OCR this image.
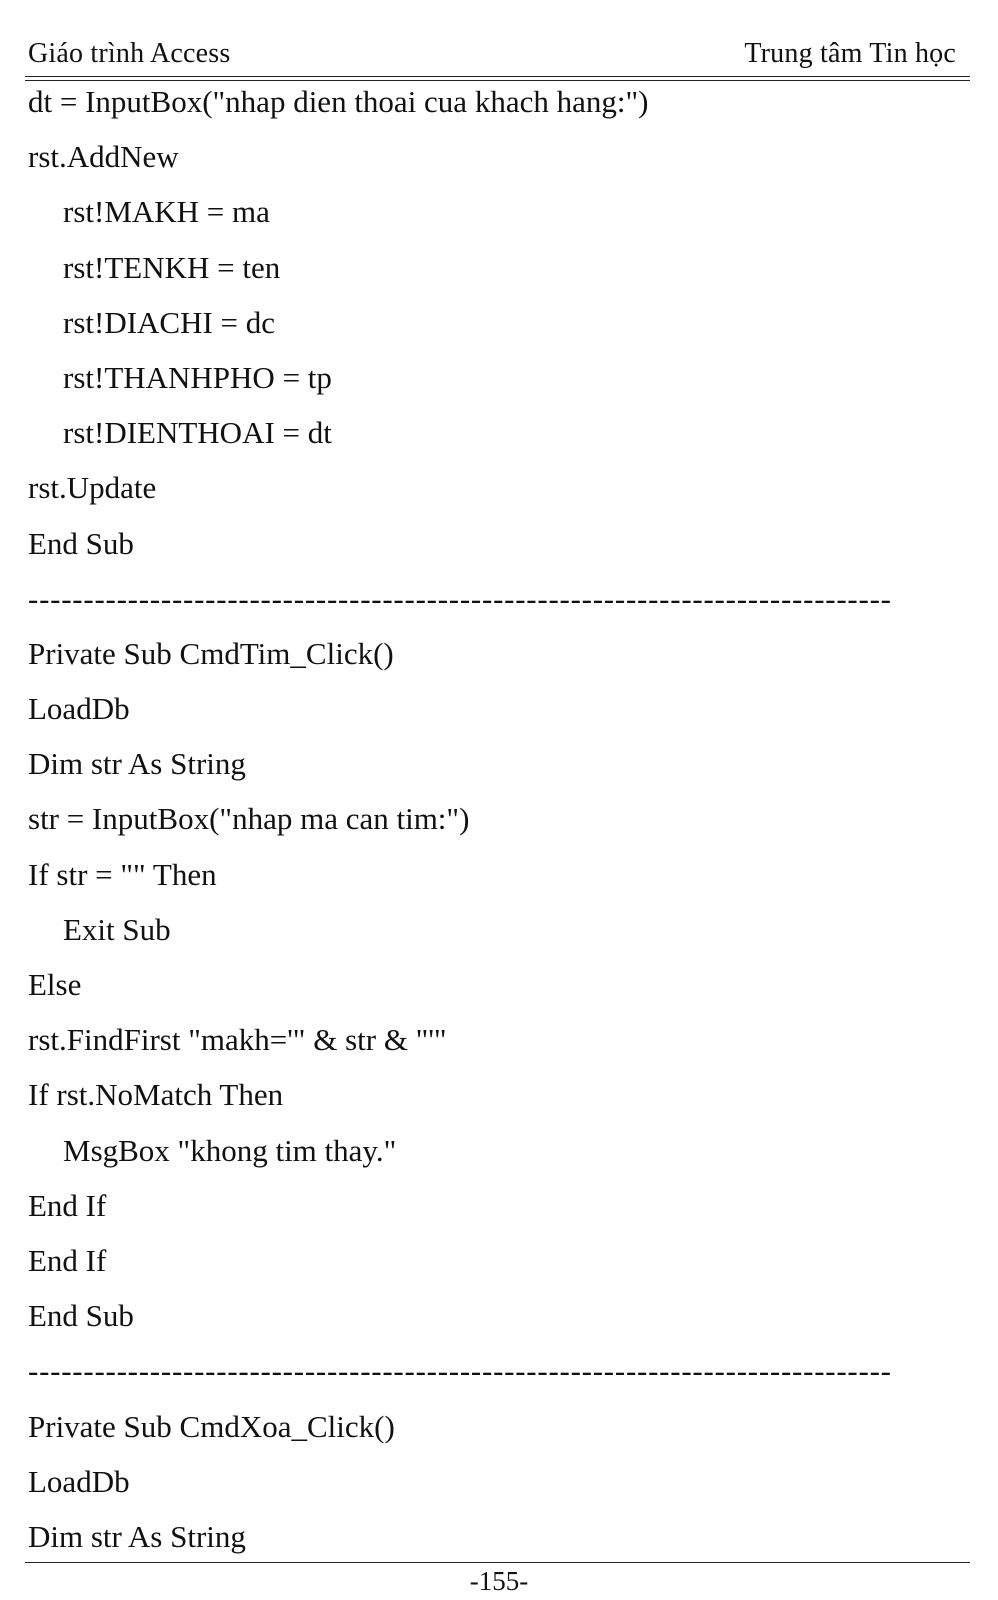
Giáo trình Access	Trung tâm Tin học
dt = InputBox("nhap dien thoai cua khach hang:")
rst.AddNew
rst!MAKH = ma
rst!TENKH = ten
rst!DIACHI = dc
rst!THANHPHO = tp
rst!DIENTHOAI = dt
rst.Update
End Sub
------------------------------------------------------------------------------
Private Sub CmdTim_Click()
LoadDb
Dim str As String
str = InputBox("nhap ma can tim:")
If str = "" Then
Exit Sub
Else
rst.FindFirst "makh='" & str & "'"
If rst.NoMatch Then
MsgBox "khong tim thay."
End If
End If
End Sub
------------------------------------------------------------------------------
Private Sub CmdXoa_Click()
LoadDb
Dim str As String
-155-
